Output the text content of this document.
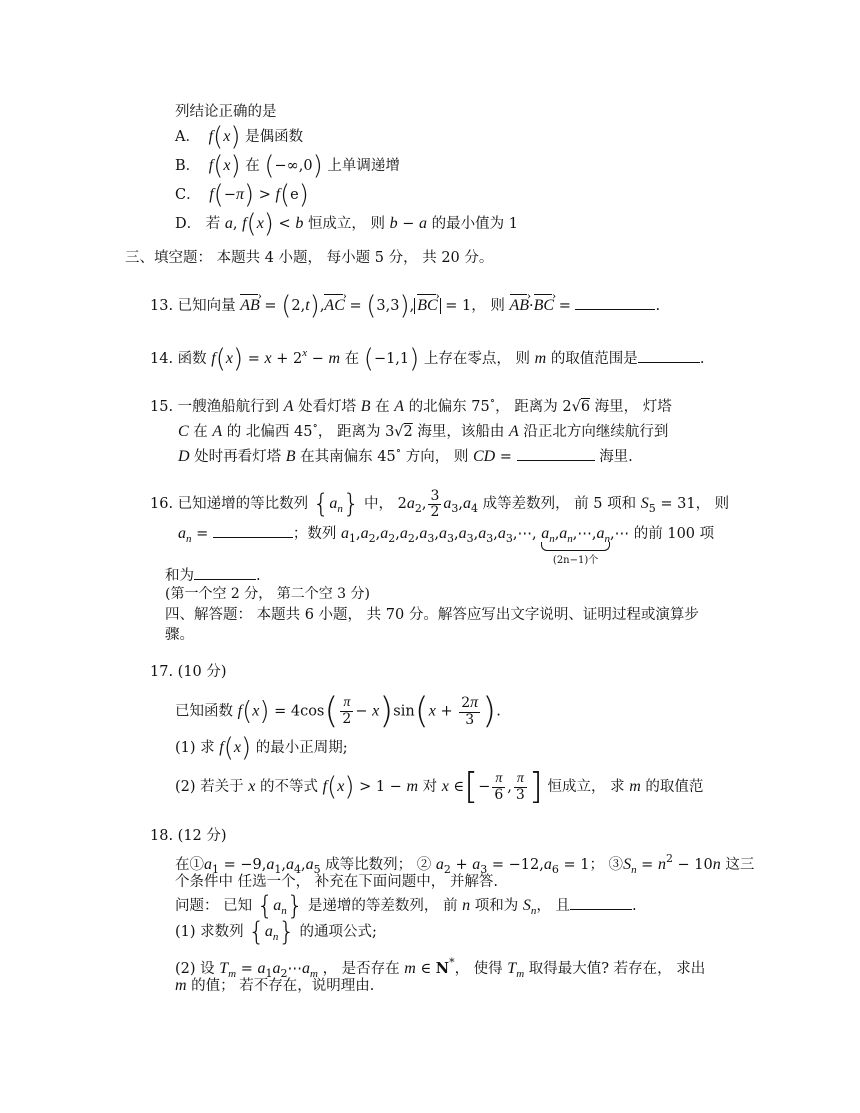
列结论正确的是
A．  f(x) 是偶函数
B．  f(x) 在 (−∞,0) 上单调递增
C．  f(−π) > f(e)
D． 若 a, f(x) < b 恒成立， 则 b − a 的最小值为 1
三、填空题： 本题共 4 小题， 每小题 5 分， 共 20 分。
13. 已知向量 AB › = (2,t),AC › = (3,3), BC › = 1， 则 AB ›·BC › =	.
14. 函数 $f(x) = x + 2^x - m$ 在 (−1,1) 上存在零点， 则 m 的取值范围是	.
15. 一艘渔船航行到 A 处看灯塔 B 在 A 的北偏东 75∘， 距离为 2√6 海里， 灯塔
C 在 A 的 北偏西 45∘， 距离为 3√2 海里，该船由 A 沿正北方向继续航行到
D 处时再看灯塔 B 在其南偏东 45∘ 方向， 则 CD =	海里.
16. 已知递增的等比数列 $\{a_n\}$ 中， $2a_2$, $\frac{3}{2} a_3,a_4$ 成等差数列， 前 5 项和 $S_5 = 31$， 则
$a_n$ =	；数列 $a_1,a_2,a_2,a_2,a_3,a_3,a_3,a_3,a_3,\cdots$, $a_n,a_n,\cdots,a_n$
(2n−1)个
,⋯ 的前 100 项
和为	.
(第一个空 2 分， 第二个空 3 分)
四、解答题： 本题共 6 小题， 共 70 分。解答应写出文字说明、证明过程或演算步
骤。
17. (10 分)
已知函数 $f(x) = 4\cos( \frac{\pi}{2} - x)\sin(x + \frac{2\pi}{3}$ ).
(1) 求 f(x) 的最小正周期;
(2) 若关于 x 的不等式 f(x) > 1 − m 对 x ∈[− $\frac{\pi}{6}$ , $\frac{\pi}{3}$ ] 恒成立， 求 m 的取值范
18. (12 分)
在$①a_1 = -9,a_1,a_4,a_5$ 成等比数列； ② $a_2 + a_3 = -12,a_6 = 1$； $③S_n = n^2 - 10n$ 这三
个条件中 任选一个， 补充在下面问题中， 并解答.
问题： 已知 $\{a_n\}$ 是递增的等差数列， 前 n 项和为 $S_n$， 且	.
(1) 求数列 $\{a_n\}$ 的通项公式;
(2) 设 $T_m$ = $a_1a_2\cdots a_m$ ， 是否存在 m ∈ N*， 使得 $T_m$ 取得最大值? 若存在， 求出
m 的值； 若不存在，说明理由.
